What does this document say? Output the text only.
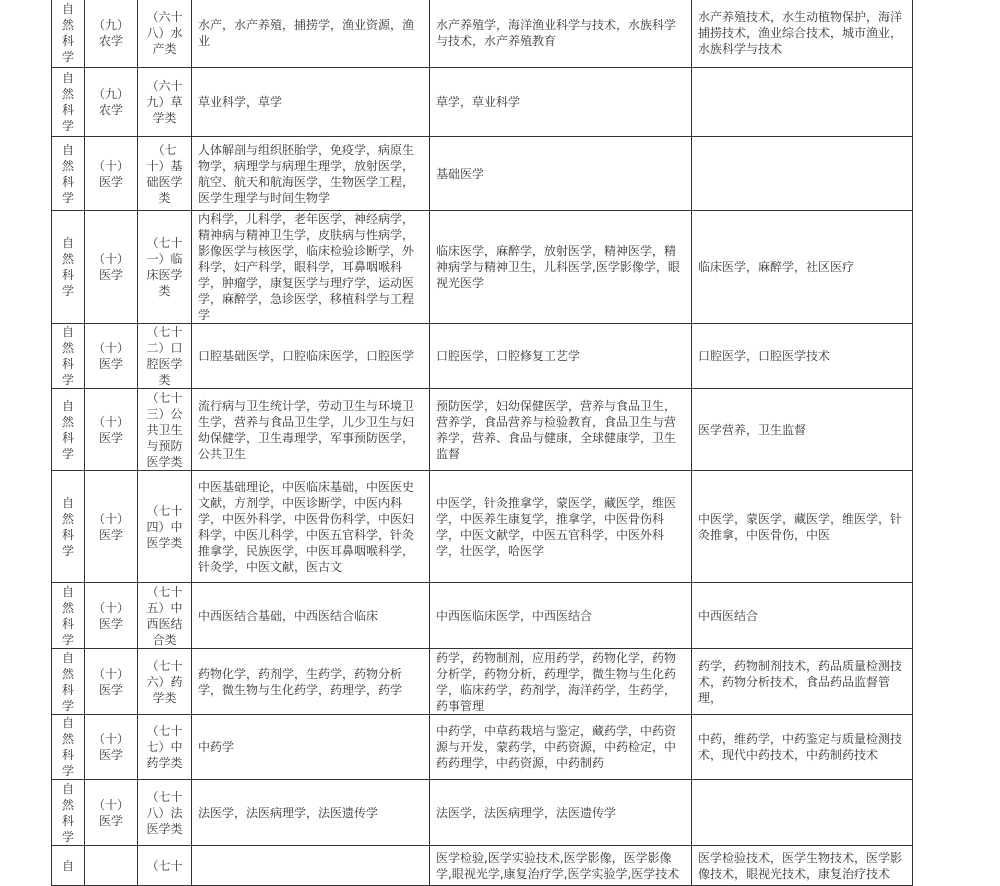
自然科学	（九）农学	（六十八）水产类	水产，水产养殖，捕捞学，渔业资源，渔业	水产养殖学，海洋渔业科学与技术，水族科学与技术，水产养殖教育	水产养殖技术，水生动植物保护，海洋捕捞技术，渔业综合技术，城市渔业，水族科学与技术

自然科学	（九）农学	（六十九）草学类	草业科学，草学	草学，草业科学	

自然科学	（十）医学	（七十）基础医学类	人体解剖与组织胚胎学，免疫学，病原生物学，病理学与病理生理学，放射医学，航空、航天和航海医学，生物医学工程，医学生理学与时间生物学	基础医学	

自然科学	（十）医学	（七十一）临床医学类	内科学，儿科学，老年医学，神经病学，精神病与精神卫生学，皮肤病与性病学，影像医学与核医学，临床检验诊断学，外科学，妇产科学，眼科学，耳鼻咽喉科学，肿瘤学，康复医学与理疗学，运动医学，麻醉学，急诊医学，移植科学与工程学	临床医学，麻醉学，放射医学，精神医学，精神病学与精神卫生，儿科医学,医学影像学，眼视光医学	临床医学，麻醉学，社区医疗

自然科学	（十）医学	（七十二）口腔医学类	口腔基础医学，口腔临床医学，口腔医学	口腔医学，口腔修复工艺学	口腔医学，口腔医学技术

自然科学	（十）医学	（七十三）公共卫生与预防医学类	流行病与卫生统计学，劳动卫生与环境卫生学，营养与食品卫生学，儿少卫生与妇幼保健学，卫生毒理学，军事预防医学，公共卫生	预防医学，妇幼保健医学，营养与食品卫生，营养学，食品营养与检验教育，食品卫生与营养学，营养、食品与健康，全球健康学，卫生监督	医学营养，卫生监督

自然科学	（十）医学	（七十四）中医学类	中医基础理论，中医临床基础，中医医史文献，方剂学，中医诊断学，中医内科学，中医外科学，中医骨伤科学，中医妇科学，中医儿科学，中医五官科学，针灸推拿学，民族医学，中医耳鼻咽喉科学，针灸学，中医文献，医古文	中医学，针灸推拿学，蒙医学，藏医学，维医学，中医养生康复学，推拿学，中医骨伤科学，中医文献学，中医五官科学，中医外科学，壮医学，哈医学	中医学，蒙医学，藏医学，维医学，针灸推拿，中医骨伤，中医

自然科学	（十）医学	（七十五）中西医结合类	中西医结合基础，中西医结合临床	中西医临床医学，中西医结合	中西医结合

自然科学	（十）医学	（七十六）药学类	药物化学，药剂学，生药学，药物分析学，微生物与生化药学，药理学，药学	药学，药物制剂，应用药学，药物化学，药物分析学，药物分析，药理学，微生物与生化药学，临床药学，药剂学，海洋药学，生药学，药事管理	药学，药物制剂技术，药品质量检测技术，药物分析技术，食品药品监督管理，

自然科学	（十）医学	（七十七）中药学类	中药学	中药学，中草药栽培与鉴定，藏药学，中药资源与开发，蒙药学，中药资源，中药检定，中药药理学，中药资源，中药制药	中药，维药学，中药鉴定与质量检测技术，现代中药技术，中药制药技术

自然科学	（十）医学	（七十八）法医学类	法医学，法医病理学，法医遗传学	法医学，法医病理学，法医遗传学	

自		（七十		医学检验,医学实验技术,医学影像，医学影像学,眼视光学,康复治疗学,医学实验学,医学技术	医学检验技术，医学生物技术，医学影像技术，眼视光技术，康复治疗技术
